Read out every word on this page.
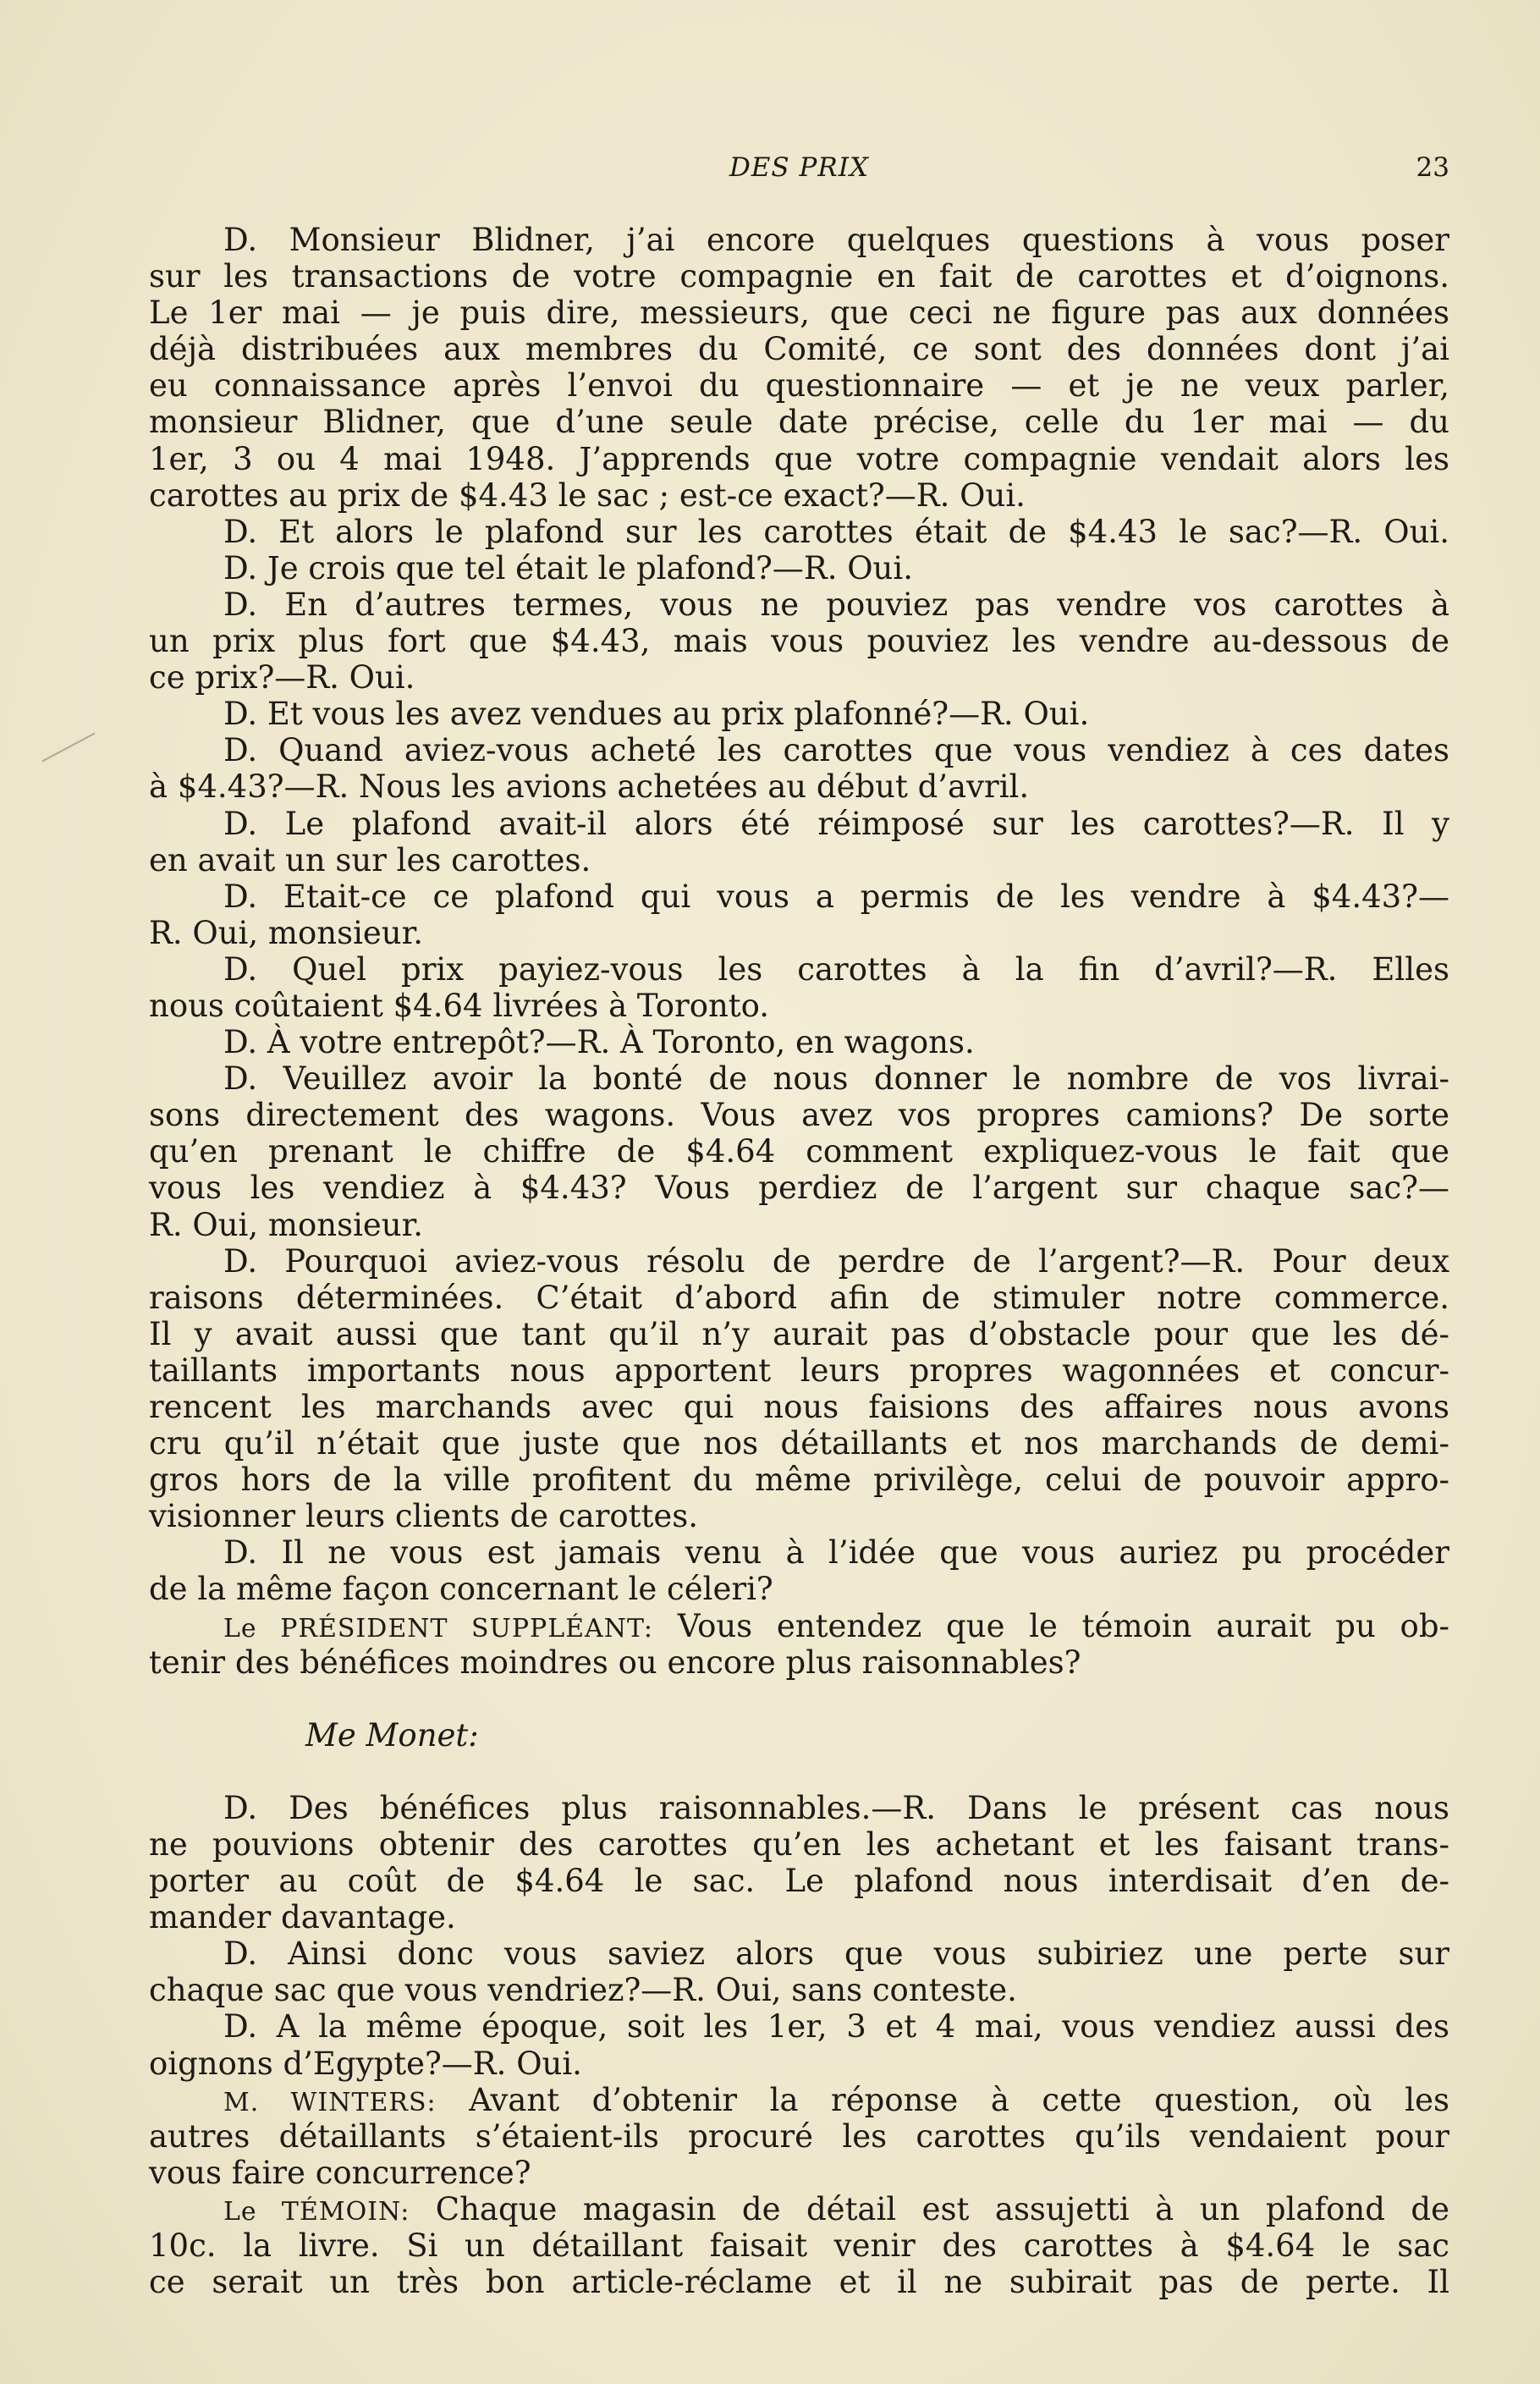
DES PRIX	23
D. Monsieur Blidner, j’ai encore quelques questions à vous poser
sur les transactions de votre compagnie en fait de carottes et d’oignons.
Le 1er mai — je puis dire, messieurs, que ceci ne figure pas aux données
déjà distribuées aux membres du Comité, ce sont des données dont j’ai
eu connaissance après l’envoi du questionnaire — et je ne veux parler,
monsieur Blidner, que d’une seule date précise, celle du 1er mai — du
1er, 3 ou 4 mai 1948. J’apprends que votre compagnie vendait alors les
carottes au prix de $4.43 le sac ; est-ce exact?—R. Oui.
D. Et alors le plafond sur les carottes était de $4.43 le sac?—R. Oui.
D. Je crois que tel était le plafond?—R. Oui.
D. En d’autres termes, vous ne pouviez pas vendre vos carottes à
un prix plus fort que $4.43, mais vous pouviez les vendre au-dessous de
ce prix?—R. Oui.
D. Et vous les avez vendues au prix plafonné?—R. Oui.
D. Quand aviez-vous acheté les carottes que vous vendiez à ces dates
à $4.43?—R. Nous les avions achetées au début d’avril.
D. Le plafond avait-il alors été réimposé sur les carottes?—R. Il y
en avait un sur les carottes.
D. Etait-ce ce plafond qui vous a permis de les vendre à $4.43?—
R. Oui, monsieur.
D. Quel prix payiez-vous les carottes à la fin d’avril?—R. Elles
nous coûtaient $4.64 livrées à Toronto.
D. À votre entrepôt?—R. À Toronto, en wagons.
D. Veuillez avoir la bonté de nous donner le nombre de vos livrai-
sons directement des wagons. Vous avez vos propres camions? De sorte
qu’en prenant le chiffre de $4.64 comment expliquez-vous le fait que
vous les vendiez à $4.43? Vous perdiez de l’argent sur chaque sac?—
R. Oui, monsieur.
D. Pourquoi aviez-vous résolu de perdre de l’argent?—R. Pour deux
raisons déterminées. C’était d’abord afin de stimuler notre commerce.
Il y avait aussi que tant qu’il n’y aurait pas d’obstacle pour que les dé-
taillants importants nous apportent leurs propres wagonnées et concur-
rencent les marchands avec qui nous faisions des affaires nous avons
cru qu’il n’était que juste que nos détaillants et nos marchands de demi-
gros hors de la ville profitent du même privilège, celui de pouvoir appro-
visionner leurs clients de carottes.
D. Il ne vous est jamais venu à l’idée que vous auriez pu procéder
de la même façon concernant le céleri?
Le PRÉSIDENT SUPPLÉANT: Vous entendez que le témoin aurait pu ob-
tenir des bénéfices moindres ou encore plus raisonnables?
Me Monet:
D. Des bénéfices plus raisonnables.—R. Dans le présent cas nous
ne pouvions obtenir des carottes qu’en les achetant et les faisant trans-
porter au coût de $4.64 le sac. Le plafond nous interdisait d’en de-
mander davantage.
D. Ainsi donc vous saviez alors que vous subiriez une perte sur
chaque sac que vous vendriez?—R. Oui, sans conteste.
D. A la même époque, soit les 1er, 3 et 4 mai, vous vendiez aussi des
oignons d’Egypte?—R. Oui.
M. WINTERS: Avant d’obtenir la réponse à cette question, où les
autres détaillants s’étaient-ils procuré les carottes qu’ils vendaient pour
vous faire concurrence?
Le TÉMOIN: Chaque magasin de détail est assujetti à un plafond de
10c. la livre. Si un détaillant faisait venir des carottes à $4.64 le sac
ce serait un très bon article-réclame et il ne subirait pas de perte. Il
